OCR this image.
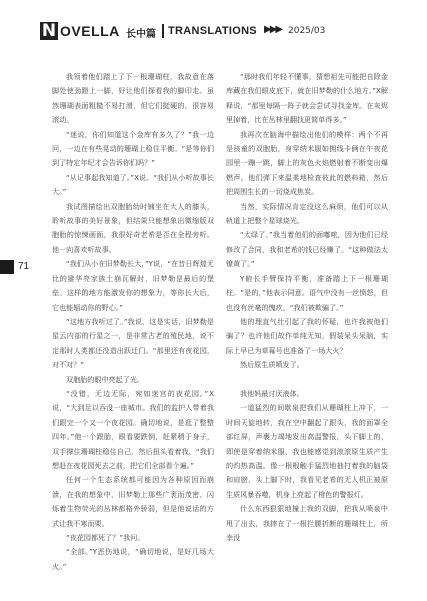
N OVELLA 长中篇 TRANSLATIONS ▶▶▶ 2025/03
71

我领着他们踏上了下一根珊瑚柱，我故意在落脚处使劲蹬上一脚，好让他们探看我的脚印走。虽然珊瑚表面粗糙不易打滑，但它们挺硬的，很容易滚动。

“迷说，你们知道这个金库有多久了？”我一边问，一边在有些晃动的珊瑚上稳住平衡。“是等你们到了特定年纪才会告诉你们吗？”

“从记事起我知道了。”Ⅹ说。“我们从小听故事长大。”

我试图描绘出双胞胎幼时铺坐在大人的膝头，聆听故事的美好景象，但结果只能想象出微缩版双胞胎的惊悚画面，我很好奇老希是否在全程旁听。他一向喜欢听故事。

“我们从小在旧梦勒长大，”Y说，“在昔日辉煌无比的避华亮家族土崩瓦解时，旧梦勒是最后的堡垒。这样的地方能激发你的想象力，等你长大后，它也能辐动你的野心。”

“这地方我听过了。”我说，这是实话，旧梦勒是星云内部的行星之一，是非常古老的殖民地，说不定那时人类都还没造出跃迁门。“那里还有夜花园，对不对？”

双胞胎的眼中亮起了光。

“没错，无边无际，宛如迷宫的夜花园。”Ⅹ说，“大到足以吞没一座城市。我们的监护人带着我们跟完一个又一个夜花园。确切地说，是逛了整整四年。”他一个跟胎，眼看要跌倒，赶紧稍于身子，双手撑住珊瑚柱稳住自己，然后扭头看着我，“我们想赶在夜花园死去之前，把它们全部看个遍。”

任何一个生态系统都可能因为各种原因而崩溃，在我的想象中，旧梦勒上那些广袤而茂密、闪烁着生物荧光的丛林都格外骄弱，但是他说话的方式让我不寒而栗。

“夜花园都死了？”我问。

“全部。”Y恶伤地说，“确切地说，是好几场大火。”

“那时我们年轻不懂事，猜想祖先可能把自除金库藏在我们眼皮底下，就在旧梦勒的什么地方。”Ⅹ解释说，“那里每隔一阵子就会尝试寻找金库。在灰烬里掉着，比在丛林里翻找更简单得多。”

我再次在脑海中描绘出他们的模样：两个不再是孩童的双胞胎，身穿纳米服如拥线卡俩在午夜花园里一蹦一跳，脚上的灰色火焰燃射着不断变出爆燃声。他们弹下来温柔地检查彼此的燃料箱，然后把周围生长的一切烧成焦炭。

当然，实际情况肯定没这么麻烦，他们可以从轨道上把整个星球烧光。

“太绿了。”我当着他们的面嘟哝，因为他们已经修改了合同，我和老希的钱已经赚了。“这种做法太镣黄了。”

Y俯长手臂保持平衡，准备踏上下一根珊瑚柱。“是的，”他表示同意。语气中没有一丝愤怒，但也没有丝毫的愧疚，“我们被欺骗了。”

他的理直气壮引起了我的怀疑，也许我被他们骗了？也许他们故作单纯无知，假装呆头呆脑，实际上早已为草莓号也准备了一场大火？

然后原生质喷发了。

我他妈最讨厌液体。

一道猛烈的间歇泉把我们从珊瑚柱上冲下，一时间天旋地转，我在空中翻起了跟头，我的面罩全部红屏，声裹力竭地发出高温警报，头下脚上的，即使是穿着纳米服，我也能感觉到滚滚原生质产生的灼热高温。像一根根触手猛烈地抽打着我的脑袋和肩膀，头上脚下时，我看见老希的无人机正被原生质风暴吞噬，机身上亮起了橙色的警报灯。

什么东西狠狠地撞上我的双脚，把我从喷泉中甩了出去，我摔在了一根拦腰折断的珊瑚柱上，所幸没
